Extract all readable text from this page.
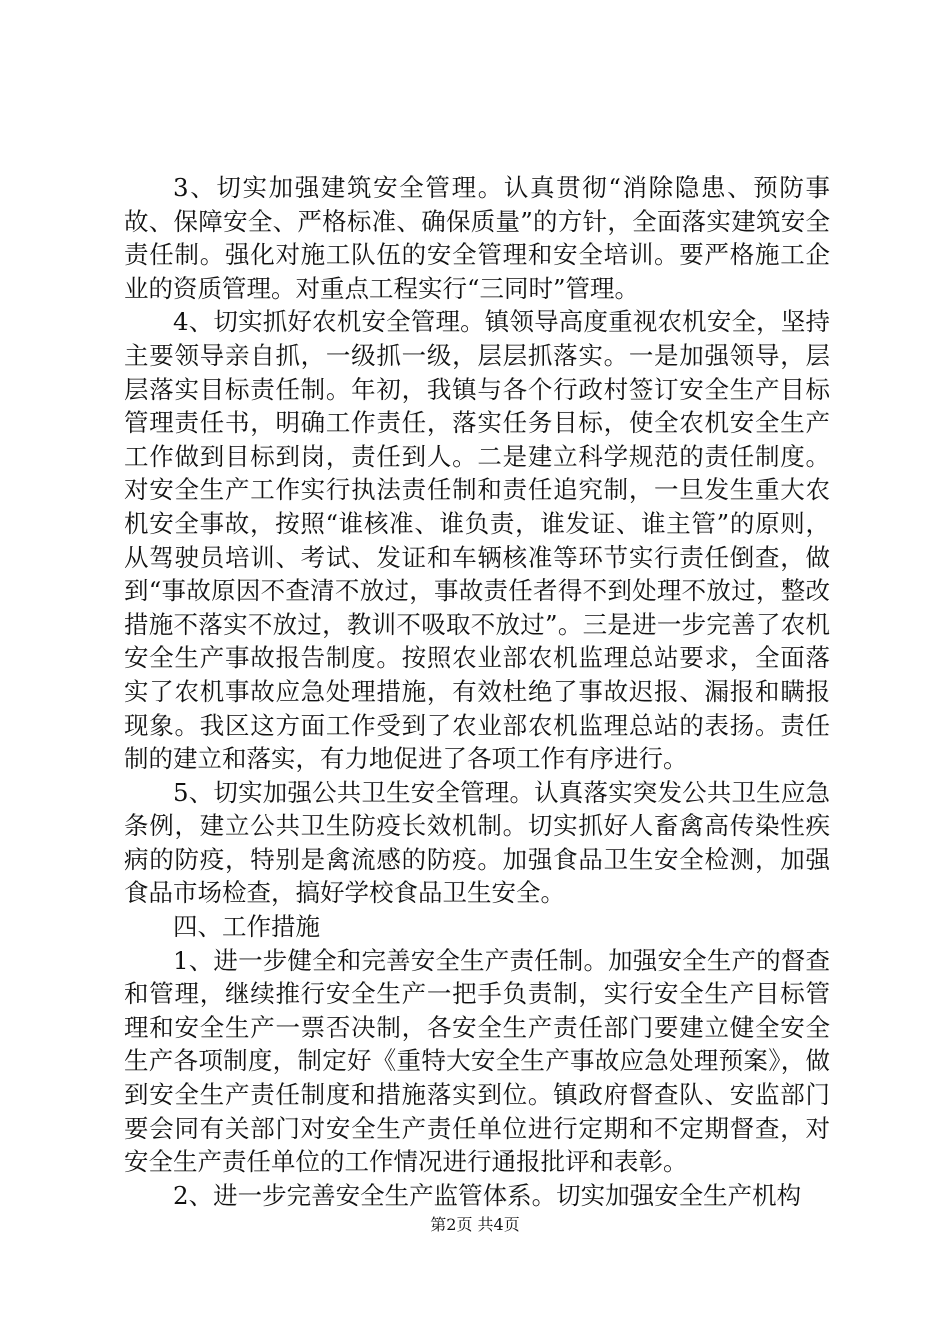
3、切实加强建筑安全管理。认真贯彻“消除隐患、预防事故、保障安全、严格标准、确保质量”的方针，全面落实建筑安全责任制。强化对施工队伍的安全管理和安全培训。要严格施工企业的资质管理。对重点工程实行“三同时”管理。

4、切实抓好农机安全管理。镇领导高度重视农机安全，坚持主要领导亲自抓，一级抓一级，层层抓落实。一是加强领导，层层落实目标责任制。年初，我镇与各个行政村签订安全生产目标管理责任书，明确工作责任，落实任务目标，使全农机安全生产工作做到目标到岗，责任到人。二是建立科学规范的责任制度。对安全生产工作实行执法责任制和责任追究制，一旦发生重大农机安全事故，按照“谁核准、谁负责，谁发证、谁主管”的原则，从驾驶员培训、考试、发证和车辆核准等环节实行责任倒查，做到“事故原因不查清不放过，事故责任者得不到处理不放过，整改措施不落实不放过，教训不吸取不放过”。三是进一步完善了农机安全生产事故报告制度。按照农业部农机监理总站要求，全面落实了农机事故应急处理措施，有效杜绝了事故迟报、漏报和瞒报现象。我区这方面工作受到了农业部农机监理总站的表扬。责任制的建立和落实，有力地促进了各项工作有序进行。

5、切实加强公共卫生安全管理。认真落实突发公共卫生应急条例，建立公共卫生防疫长效机制。切实抓好人畜禽高传染性疾病的防疫，特别是禽流感的防疫。加强食品卫生安全检测，加强食品市场检查，搞好学校食品卫生安全。

四、工作措施

1、进一步健全和完善安全生产责任制。加强安全生产的督查和管理，继续推行安全生产一把手负责制，实行安全生产目标管理和安全生产一票否决制，各安全生产责任部门要建立健全安全生产各项制度，制定好《重特大安全生产事故应急处理预案》，做到安全生产责任制度和措施落实到位。镇政府督查队、安监部门要会同有关部门对安全生产责任单位进行定期和不定期督查，对安全生产责任单位的工作情况进行通报批评和表彰。

2、进一步完善安全生产监管体系。切实加强安全生产机构

第2页 共4页
